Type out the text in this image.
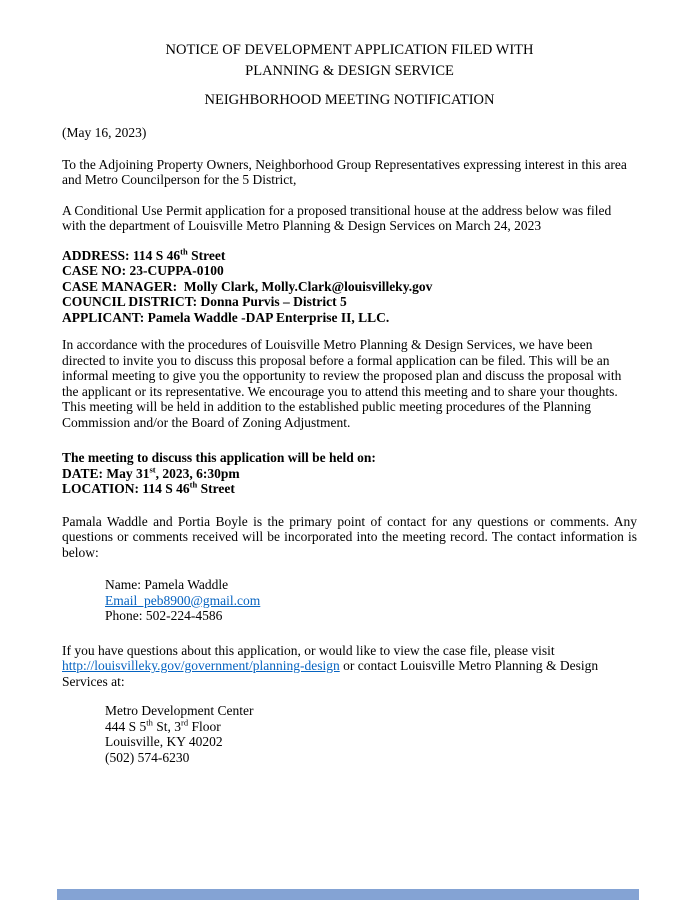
NOTICE OF DEVELOPMENT APPLICATION FILED WITH
PLANNING & DESIGN SERVICE
NEIGHBORHOOD MEETING NOTIFICATION
(May 16, 2023)
To the Adjoining Property Owners, Neighborhood Group Representatives expressing interest in this area and Metro Councilperson for the 5 District,
A Conditional Use Permit application for a proposed transitional house at the address below was filed with the department of Louisville Metro Planning & Design Services on March 24, 2023
ADDRESS: 114 S 46th Street
CASE NO: 23-CUPPA-0100
CASE MANAGER:  Molly Clark, Molly.Clark@louisvilleky.gov
COUNCIL DISTRICT: Donna Purvis – District 5
APPLICANT: Pamela Waddle -DAP Enterprise II, LLC.
In accordance with the procedures of Louisville Metro Planning & Design Services, we have been directed to invite you to discuss this proposal before a formal application can be filed. This will be an informal meeting to give you the opportunity to review the proposed plan and discuss the proposal with the applicant or its representative. We encourage you to attend this meeting and to share your thoughts. This meeting will be held in addition to the established public meeting procedures of the Planning Commission and/or the Board of Zoning Adjustment.
The meeting to discuss this application will be held on:
DATE: May 31st, 2023, 6:30pm
LOCATION: 114 S 46th Street
Pamala Waddle and Portia Boyle is the primary point of contact for any questions or comments. Any questions or comments received will be incorporated into the meeting record. The contact information is below:
Name: Pamela Waddle
Email  peb8900@gmail.com
Phone: 502-224-4586
If you have questions about this application, or would like to view the case file, please visit http://louisvilleky.gov/government/planning-design or contact Louisville Metro Planning & Design Services at:
Metro Development Center
444 S 5th St, 3rd Floor
Louisville, KY 40202
(502) 574-6230
